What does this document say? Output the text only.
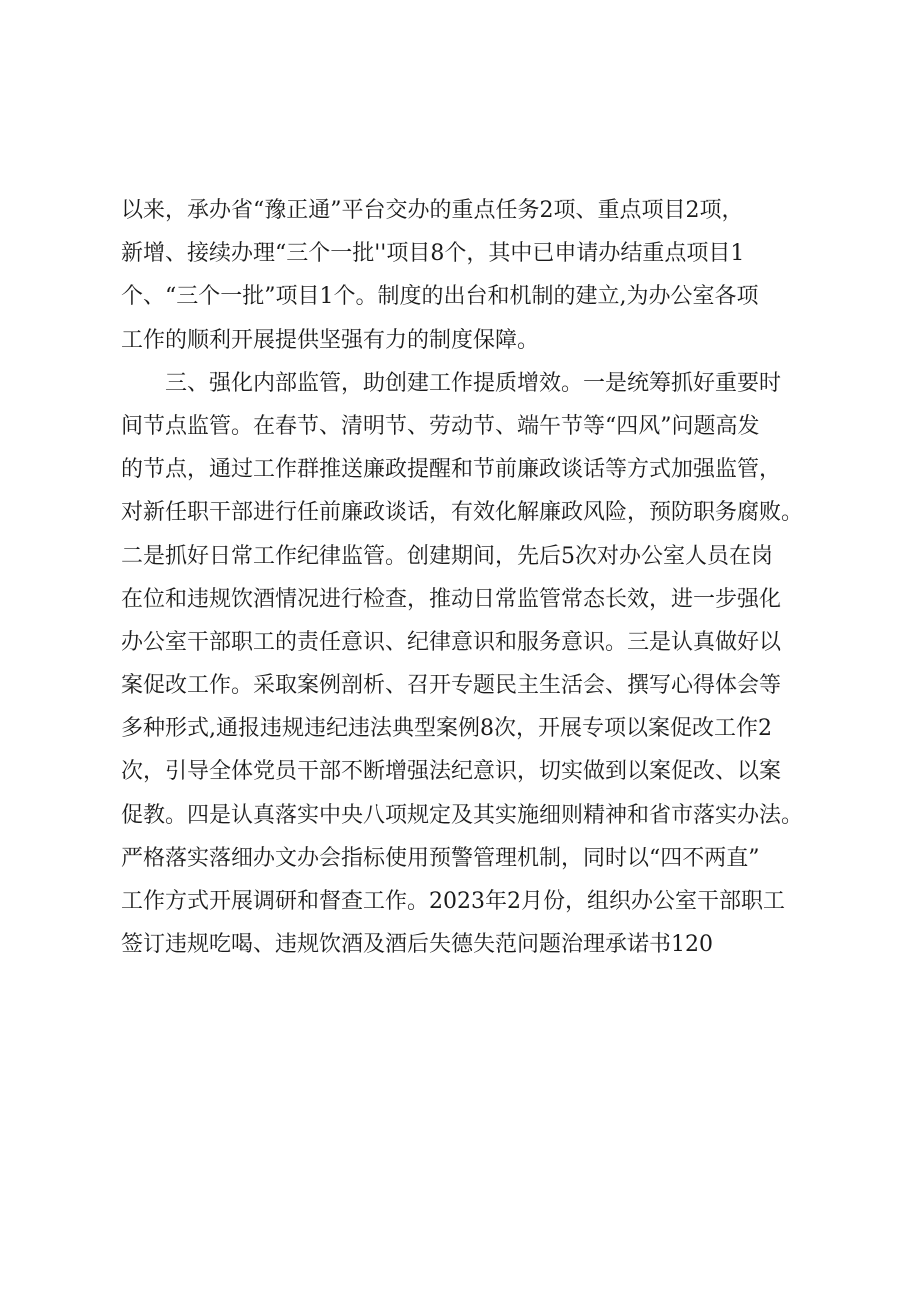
以来，承办省“豫正通”平台交办的重点任务2项、重点项目2项，
新增、接续办理“三个一批''项目8个，其中已申请办结重点项目1
个、“三个一批”项目1个。制度的出台和机制的建立,为办公室各项
工作的顺利开展提供坚强有力的制度保障。
　　三、强化内部监管，助创建工作提质增效。一是统筹抓好重要时
间节点监管。在春节、清明节、劳动节、端午节等“四风”问题高发
的节点，通过工作群推送廉政提醒和节前廉政谈话等方式加强监管，
对新任职干部进行任前廉政谈话，有效化解廉政风险，预防职务腐败。
二是抓好日常工作纪律监管。创建期间，先后5次对办公室人员在岗
在位和违规饮酒情况进行检查，推动日常监管常态长效，进一步强化
办公室干部职工的责任意识、纪律意识和服务意识。三是认真做好以
案促改工作。采取案例剖析、召开专题民主生活会、撰写心得体会等
多种形式,通报违规违纪违法典型案例8次，开展专项以案促改工作2
次，引导全体党员干部不断增强法纪意识，切实做到以案促改、以案
促教。四是认真落实中央八项规定及其实施细则精神和省市落实办法。
严格落实落细办文办会指标使用预警管理机制，同时以“四不两直”
工作方式开展调研和督查工作。2023年2月份，组织办公室干部职工
签订违规吃喝、违规饮酒及酒后失德失范问题治理承诺书120
